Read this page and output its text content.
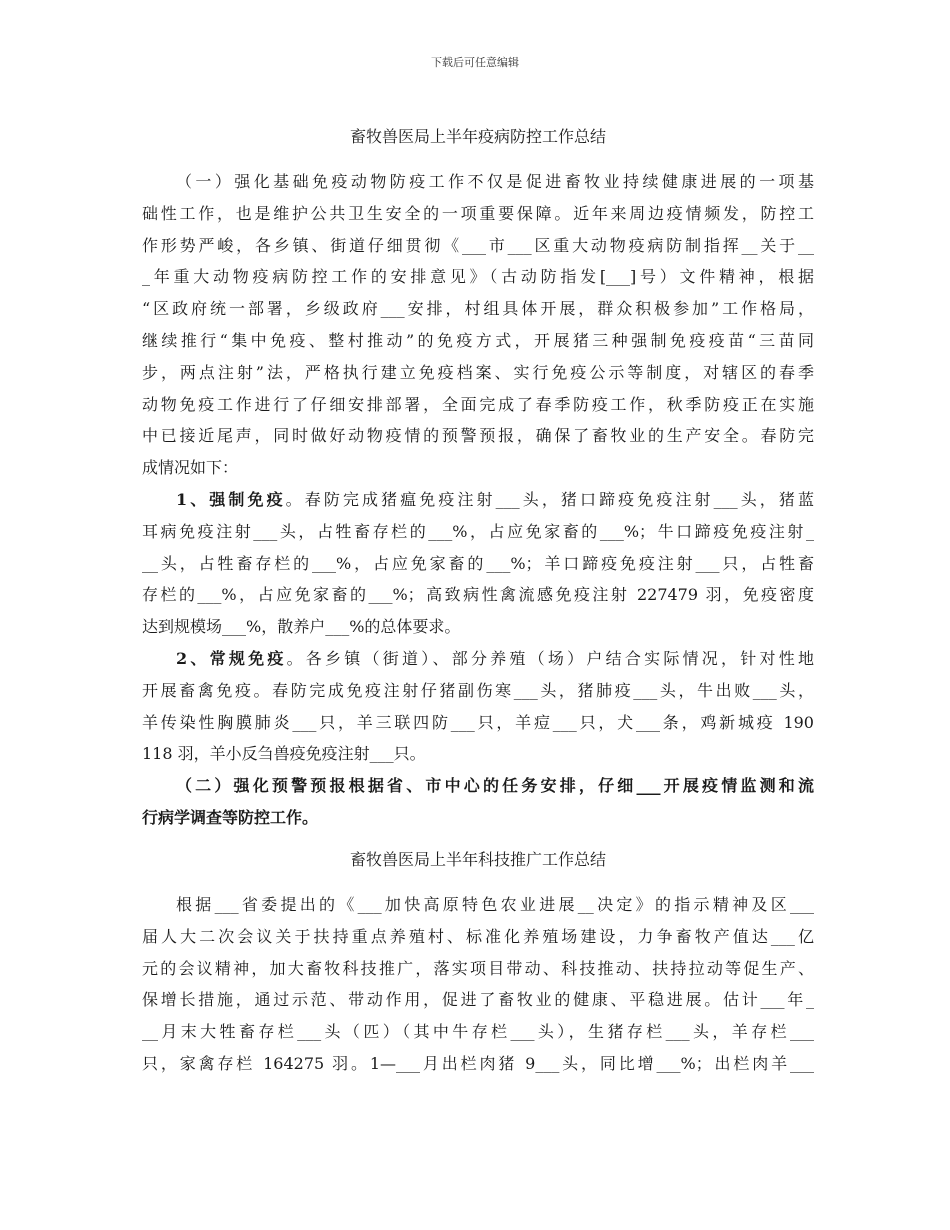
下载后可任意编辑
畜牧兽医局上半年疫病防控工作总结

（一）强化基础免疫动物防疫工作不仅是促进畜牧业持续健康进展的一项基
础性工作，也是维护公共卫生安全的一项重要保障。近年来周边疫情频发，防控工
作形势严峻，各乡镇、街道仔细贯彻《___市___区重大动物疫病防制指挥__关于__
_年重大动物疫病防控工作的安排意见》（古动防指发[___]号）文件精神，根据
“区政府统一部署，乡级政府___安排，村组具体开展，群众积极参加”工作格局，
继续推行“集中免疫、整村推动”的免疫方式，开展猪三种强制免疫疫苗“三苗同
步，两点注射”法，严格执行建立免疫档案、实行免疫公示等制度，对辖区的春季
动物免疫工作进行了仔细安排部署，全面完成了春季防疫工作，秋季防疫正在实施
中已接近尾声，同时做好动物疫情的预警预报，确保了畜牧业的生产安全。春防完
成情况如下：

1、强制免疫。春防完成猪瘟免疫注射___头，猪口蹄疫免疫注射___头，猪蓝
耳病免疫注射___头，占牲畜存栏的___%，占应免家畜的___%；牛口蹄疫免疫注射_
__头，占牲畜存栏的___%，占应免家畜的___%；羊口蹄疫免疫注射___只，占牲畜
存栏的___%，占应免家畜的___%；高致病性禽流感免疫注射 227479 羽，免疫密度
达到规模场___%，散养户___%的总体要求。

2、常规免疫。各乡镇（街道）、部分养殖（场）户结合实际情况，针对性地
开展畜禽免疫。春防完成免疫注射仔猪副伤寒___头，猪肺疫___头，牛出败___头，
羊传染性胸膜肺炎___只，羊三联四防___只，羊痘___只，犬___条，鸡新城疫 190
118 羽，羊小反刍兽疫免疫注射___只。

（二）强化预警预报根据省、市中心的任务安排，仔细___开展疫情监测和流
行病学调查等防控工作。

畜牧兽医局上半年科技推广工作总结

根据___省委提出的《___加快高原特色农业进展__决定》的指示精神及区___
届人大二次会议关于扶持重点养殖村、标准化养殖场建设，力争畜牧产值达___亿
元的会议精神，加大畜牧科技推广，落实项目带动、科技推动、扶持拉动等促生产、
保增长措施，通过示范、带动作用，促进了畜牧业的健康、平稳进展。估计___年_
__月末大牲畜存栏___头（匹）（其中牛存栏___头），生猪存栏___头，羊存栏___
只，家禽存栏 164275 羽。1—___月出栏肉猪 9___头，同比增___%；出栏肉羊___
